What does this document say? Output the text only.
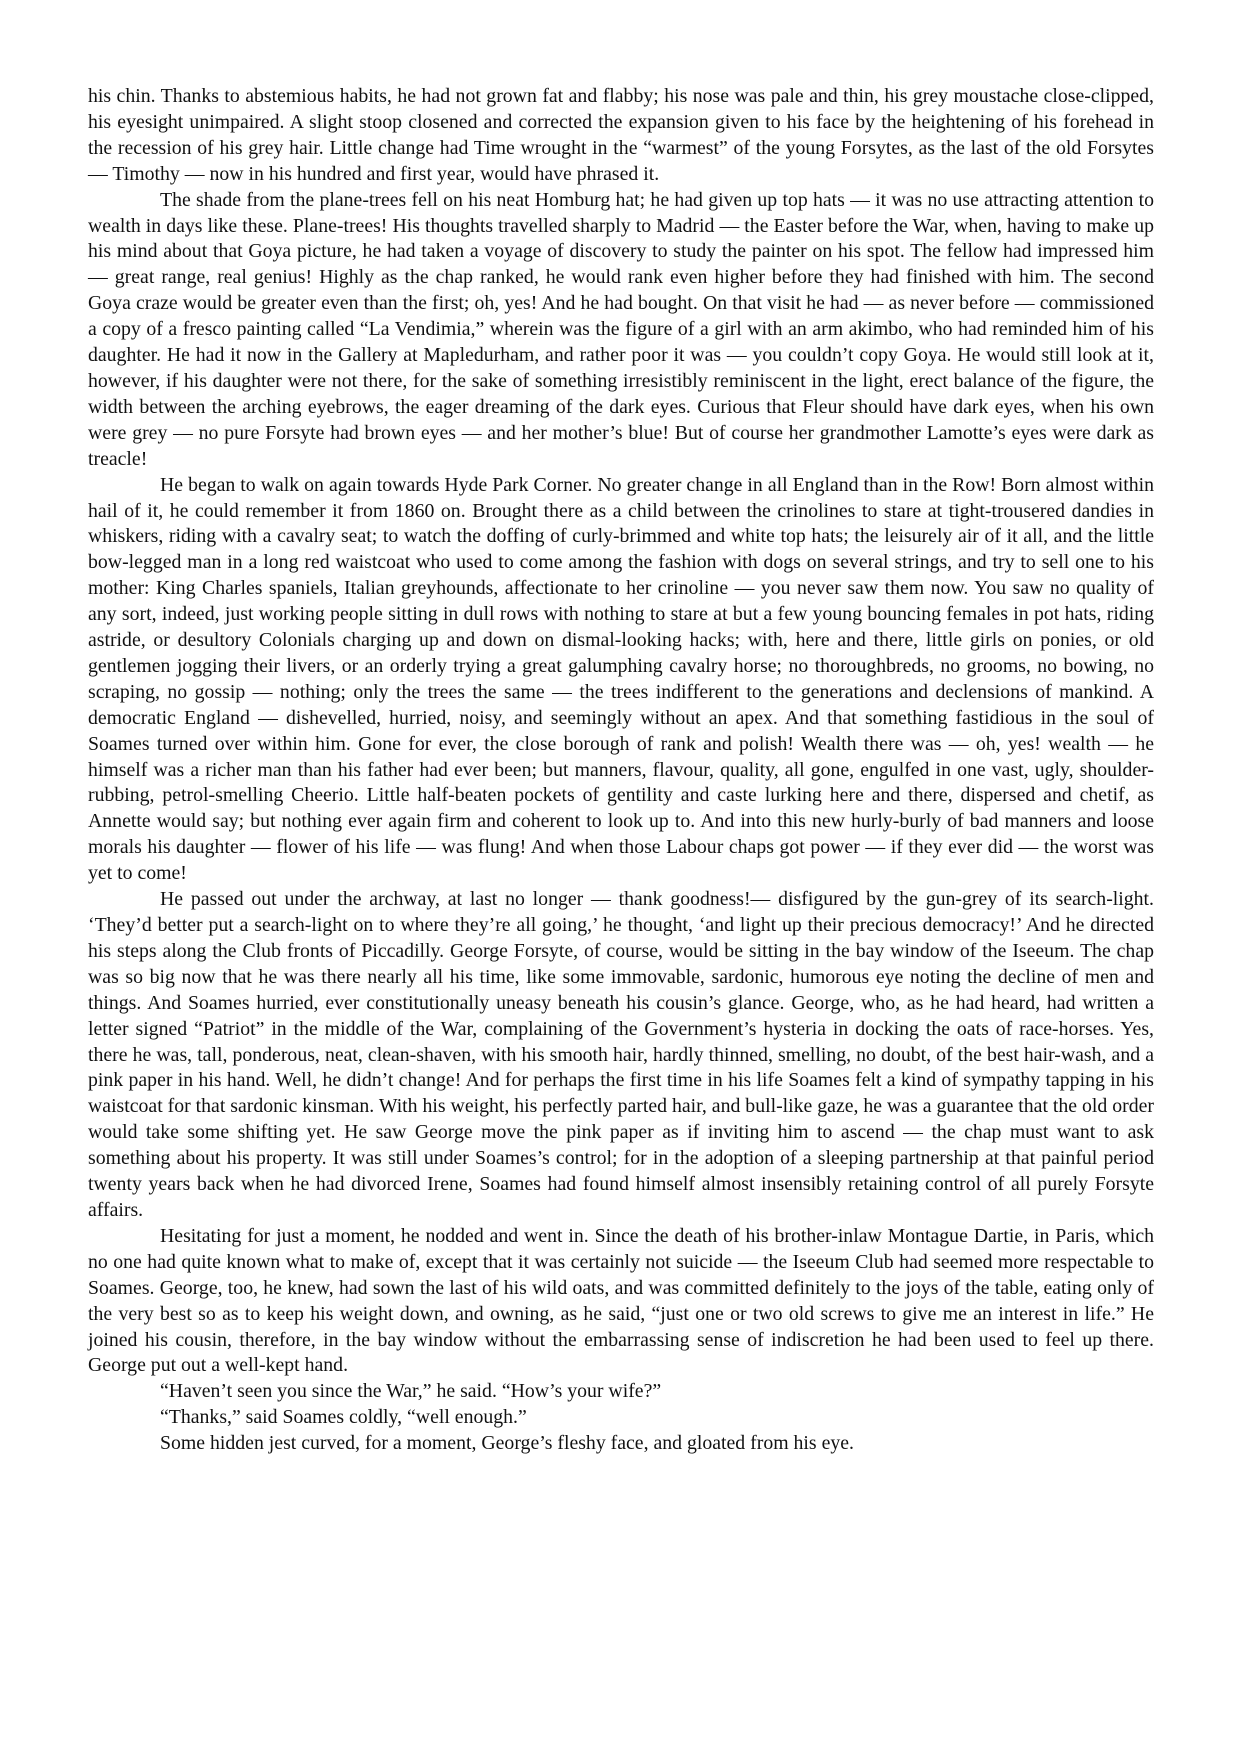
his chin. Thanks to abstemious habits, he had not grown fat and flabby; his nose was pale and thin, his grey moustache close-clipped, his eyesight unimpaired. A slight stoop closened and corrected the expansion given to his face by the heightening of his forehead in the recession of his grey hair. Little change had Time wrought in the “warmest” of the young Forsytes, as the last of the old Forsytes — Timothy — now in his hundred and first year, would have phrased it.

The shade from the plane-trees fell on his neat Homburg hat; he had given up top hats — it was no use attracting attention to wealth in days like these. Plane-trees! His thoughts travelled sharply to Madrid — the Easter before the War, when, having to make up his mind about that Goya picture, he had taken a voyage of discovery to study the painter on his spot. The fellow had impressed him — great range, real genius! Highly as the chap ranked, he would rank even higher before they had finished with him. The second Goya craze would be greater even than the first; oh, yes! And he had bought. On that visit he had — as never before — commissioned a copy of a fresco painting called “La Vendimia,” wherein was the figure of a girl with an arm akimbo, who had reminded him of his daughter. He had it now in the Gallery at Mapledurham, and rather poor it was — you couldn’t copy Goya. He would still look at it, however, if his daughter were not there, for the sake of something irresistibly reminiscent in the light, erect balance of the figure, the width between the arching eyebrows, the eager dreaming of the dark eyes. Curious that Fleur should have dark eyes, when his own were grey — no pure Forsyte had brown eyes — and her mother’s blue! But of course her grandmother Lamotte’s eyes were dark as treacle!

He began to walk on again towards Hyde Park Corner. No greater change in all England than in the Row! Born almost within hail of it, he could remember it from 1860 on. Brought there as a child between the crinolines to stare at tight-trousered dandies in whiskers, riding with a cavalry seat; to watch the doffing of curly-brimmed and white top hats; the leisurely air of it all, and the little bow-legged man in a long red waistcoat who used to come among the fashion with dogs on several strings, and try to sell one to his mother: King Charles spaniels, Italian greyhounds, affectionate to her crinoline — you never saw them now. You saw no quality of any sort, indeed, just working people sitting in dull rows with nothing to stare at but a few young bouncing females in pot hats, riding astride, or desultory Colonials charging up and down on dismal-looking hacks; with, here and there, little girls on ponies, or old gentlemen jogging their livers, or an orderly trying a great galumphing cavalry horse; no thoroughbreds, no grooms, no bowing, no scraping, no gossip — nothing; only the trees the same — the trees indifferent to the generations and declensions of mankind. A democratic England — dishevelled, hurried, noisy, and seemingly without an apex. And that something fastidious in the soul of Soames turned over within him. Gone for ever, the close borough of rank and polish! Wealth there was — oh, yes! wealth — he himself was a richer man than his father had ever been; but manners, flavour, quality, all gone, engulfed in one vast, ugly, shoulder-rubbing, petrol-smelling Cheerio. Little half-beaten pockets of gentility and caste lurking here and there, dispersed and chetif, as Annette would say; but nothing ever again firm and coherent to look up to. And into this new hurly-burly of bad manners and loose morals his daughter — flower of his life — was flung! And when those Labour chaps got power — if they ever did — the worst was yet to come!

He passed out under the archway, at last no longer — thank goodness!— disfigured by the gun-grey of its search-light. ‘They’d better put a search-light on to where they’re all going,’ he thought, ‘and light up their precious democracy!’ And he directed his steps along the Club fronts of Piccadilly. George Forsyte, of course, would be sitting in the bay window of the Iseeum. The chap was so big now that he was there nearly all his time, like some immovable, sardonic, humorous eye noting the decline of men and things. And Soames hurried, ever constitutionally uneasy beneath his cousin’s glance. George, who, as he had heard, had written a letter signed “Patriot” in the middle of the War, complaining of the Government’s hysteria in docking the oats of race-horses. Yes, there he was, tall, ponderous, neat, clean-shaven, with his smooth hair, hardly thinned, smelling, no doubt, of the best hair-wash, and a pink paper in his hand. Well, he didn’t change! And for perhaps the first time in his life Soames felt a kind of sympathy tapping in his waistcoat for that sardonic kinsman. With his weight, his perfectly parted hair, and bull-like gaze, he was a guarantee that the old order would take some shifting yet. He saw George move the pink paper as if inviting him to ascend — the chap must want to ask something about his property. It was still under Soames’s control; for in the adoption of a sleeping partnership at that painful period twenty years back when he had divorced Irene, Soames had found himself almost insensibly retaining control of all purely Forsyte affairs.

Hesitating for just a moment, he nodded and went in. Since the death of his brother-inlaw Montague Dartie, in Paris, which no one had quite known what to make of, except that it was certainly not suicide — the Iseeum Club had seemed more respectable to Soames. George, too, he knew, had sown the last of his wild oats, and was committed definitely to the joys of the table, eating only of the very best so as to keep his weight down, and owning, as he said, “just one or two old screws to give me an interest in life.” He joined his cousin, therefore, in the bay window without the embarrassing sense of indiscretion he had been used to feel up there. George put out a well-kept hand.

“Haven’t seen you since the War,” he said. “How’s your wife?”

“Thanks,” said Soames coldly, “well enough.”

Some hidden jest curved, for a moment, George’s fleshy face, and gloated from his eye.
